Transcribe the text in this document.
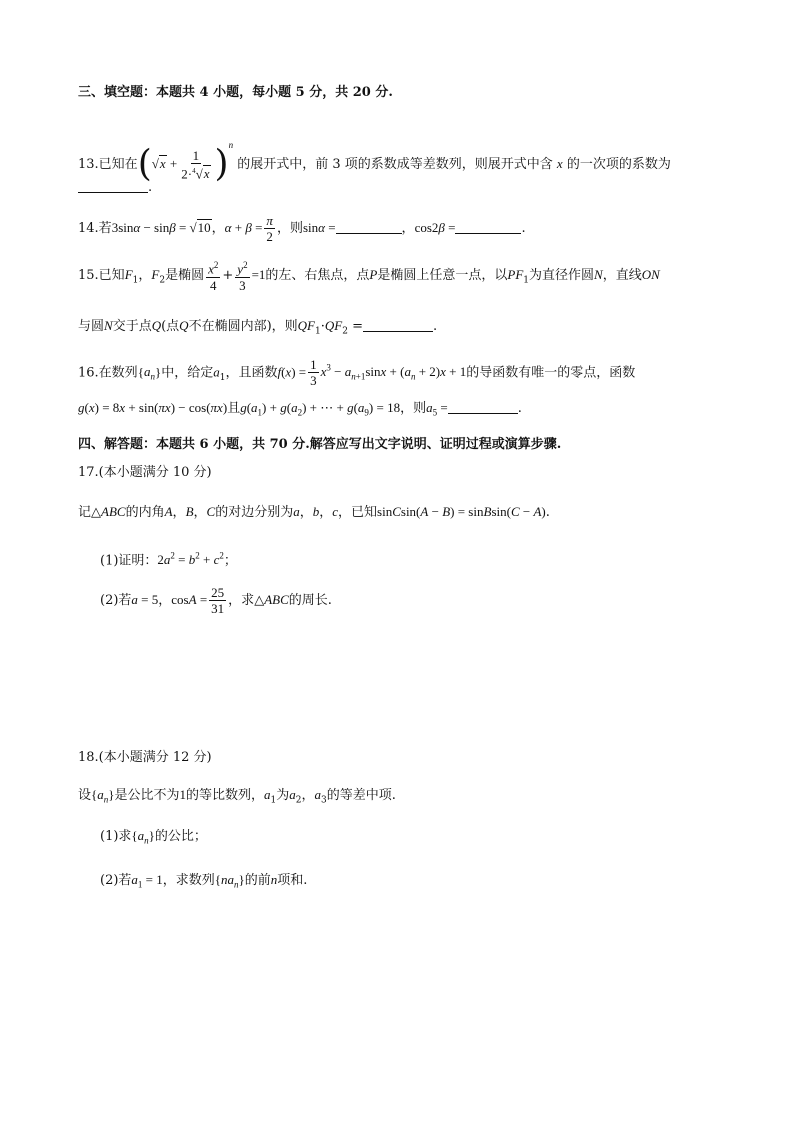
三、填空题：本题共 4 小题，每小题 5 分，共 20 分.
13.已知在$(√x + \frac{1}{2\cdot^4√x} )^n$ 的展开式中，前 3 项的系数成等差数列，则展开式中含 x 的一次项的系数为
.
14.若3sinα − sinβ = √10，$\alpha + \beta = \frac{\pi}{2}$ ，则sinα =	，cos2β =	.
15.已知$F_1$，$F_2$是椭圆 $\frac{x^2}{4} + \frac{y^2}{3} =1$的左、右焦点，点P是椭圆上任意一点，以$PF_1$为直径作圆N，直线ON
与圆N交于点Q(点Q不在椭圆内部)，则$QF_1\cdot QF_2$ =	.
16.在数列$\{a_n\}$中，给定$a_1$，且函数$f(x) = \frac{1}{3} x^3 - a_{n+1}\sin x + (a_n + 2)x + 1$的导函数有唯一的零点，函数
g(x) = 8x + sin(πx) − cos(πx)且$g(a_1) + g(a_2)$ + ⋯ + $g(a_9) = 18$，则$a_5$ =	.
四、解答题：本题共 6 小题，共 70 分.解答应写出文字说明、证明过程或演算步骤.
17.(本小题满分 10 分)
记△ABC的内角A，B，C的对边分别为a，b，c，已知sinCsin(A − B) = sinBsin(C − A).
(1)证明：$2a^2 = b^2 + c^2$；
(2)若a = 5，$\cos A = \frac{25}{31}$ ，求△ABC的周长.
18.(本小题满分 12 分)
设$\{a_n\}$是公比不为1的等比数列，$a_1$为$a_2$，$a_3$的等差中项.
(1)求$\{a_n\}$的公比；
(2)若$a_1 = 1$，求数列$\{na_n\}$的前n项和.
